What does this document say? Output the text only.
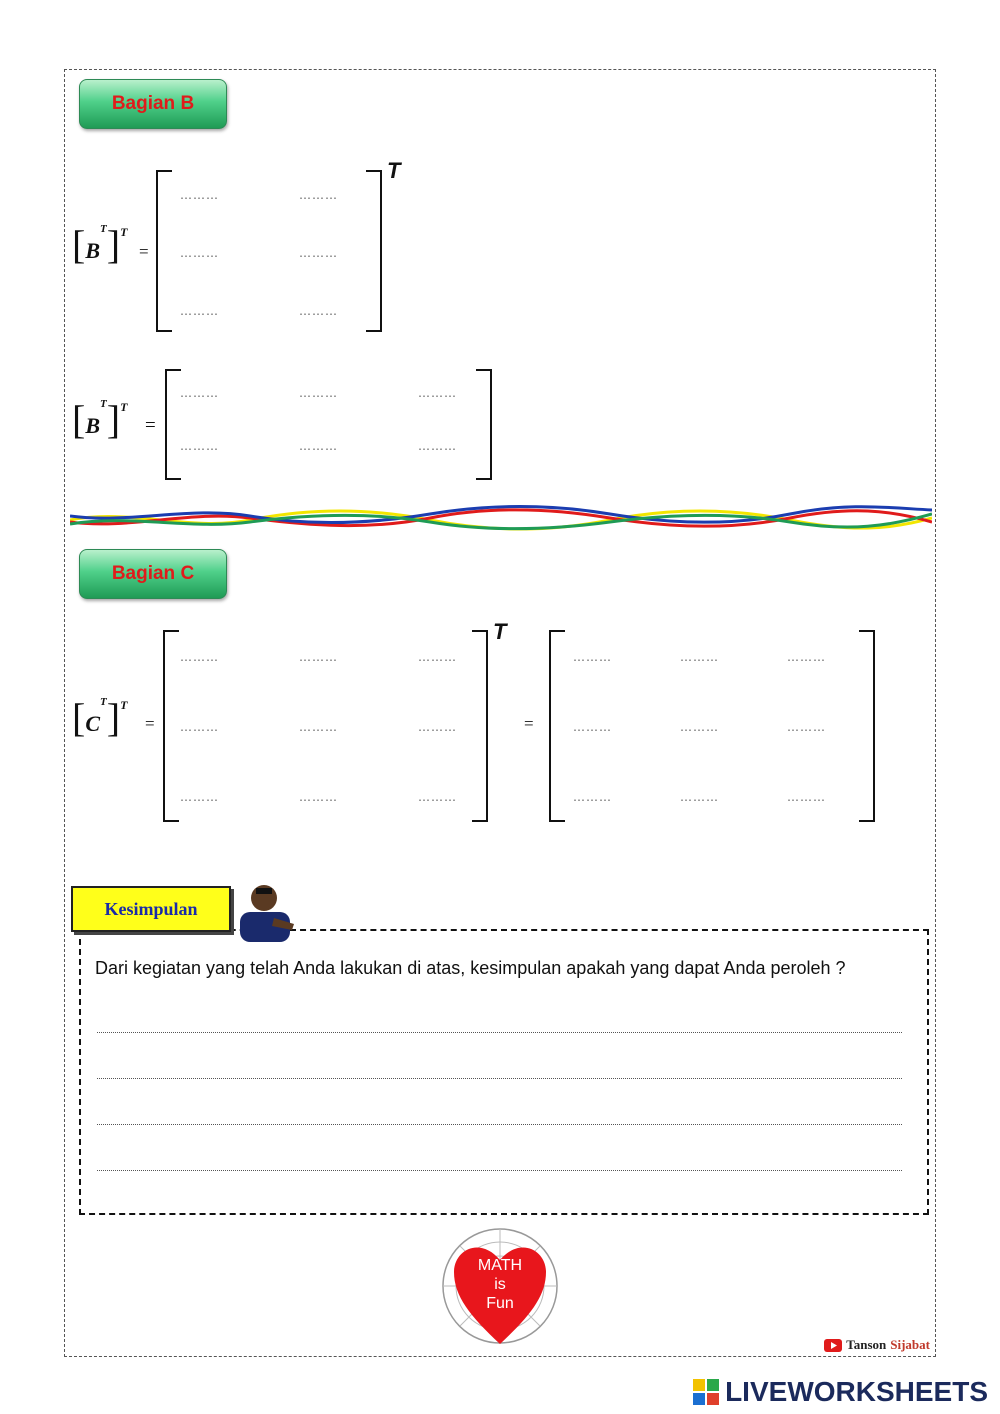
Bagian B
$[B^T]^T$
=
………	………
………	………
………	………
T
$[B^T]^T$
=
………	………	………
………	………	………
Bagian C
$[C^T]^T$
=
………	………	………
………	………	………
………	………	………
T
=
………	………	………
………	………	………
………	………	………
Kesimpulan
Dari kegiatan yang telah Anda lakukan di atas, kesimpulan apakah yang dapat Anda peroleh ?
MATH
is
Fun
Tanson Sijabat
LIVEWORKSHEETS
